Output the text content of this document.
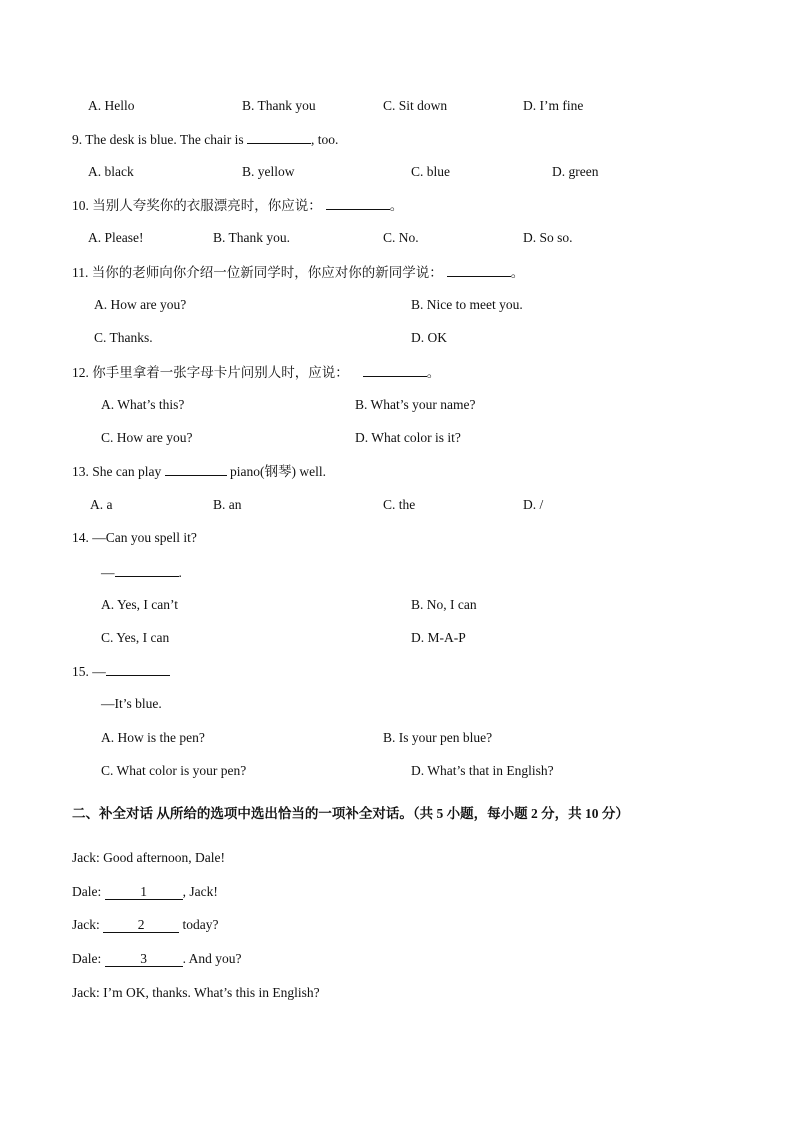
A. Hello	B. Thank you	C. Sit down	D. I’m fine
9. The desk is blue. The chair is	, too.
A. black	B. yellow	C. blue	D. green
10. 当别人夸奖你的衣服漂亮时，你应说：	。
A. Please!	B. Thank you.	C. No.	D. So so.
11. 当你的老师向你介绍一位新同学时，你应对你的新同学说：	。
A. How are you?	B. Nice to meet you.
C. Thanks.	D. OK
12. 你手里拿着一张字母卡片问别人时，应说：	。
A. What’s this?	B. What’s your name?
C. How are you?	D. What color is it?
13. She can play	piano(钢琴) well.
A. a	B. an	C. the	D. /
14. —Can you spell it?
—	.
A. Yes, I can’t	B. No, I can
C. Yes, I can	D. M-A-P
15. —
—It’s blue.
A. How is the pen?	B. Is your pen blue?
C. What color is your pen?	D. What’s that in English?
二、补全对话 从所给的选项中选出恰当的一项补全对话。（共 5 小题，每小题 2 分，共 10 分）
Jack: Good afternoon, Dale!
Dale:	1	, Jack!
Jack:	2	today?
Dale:	3	. And you?
Jack: I’m OK, thanks. What’s this in English?
